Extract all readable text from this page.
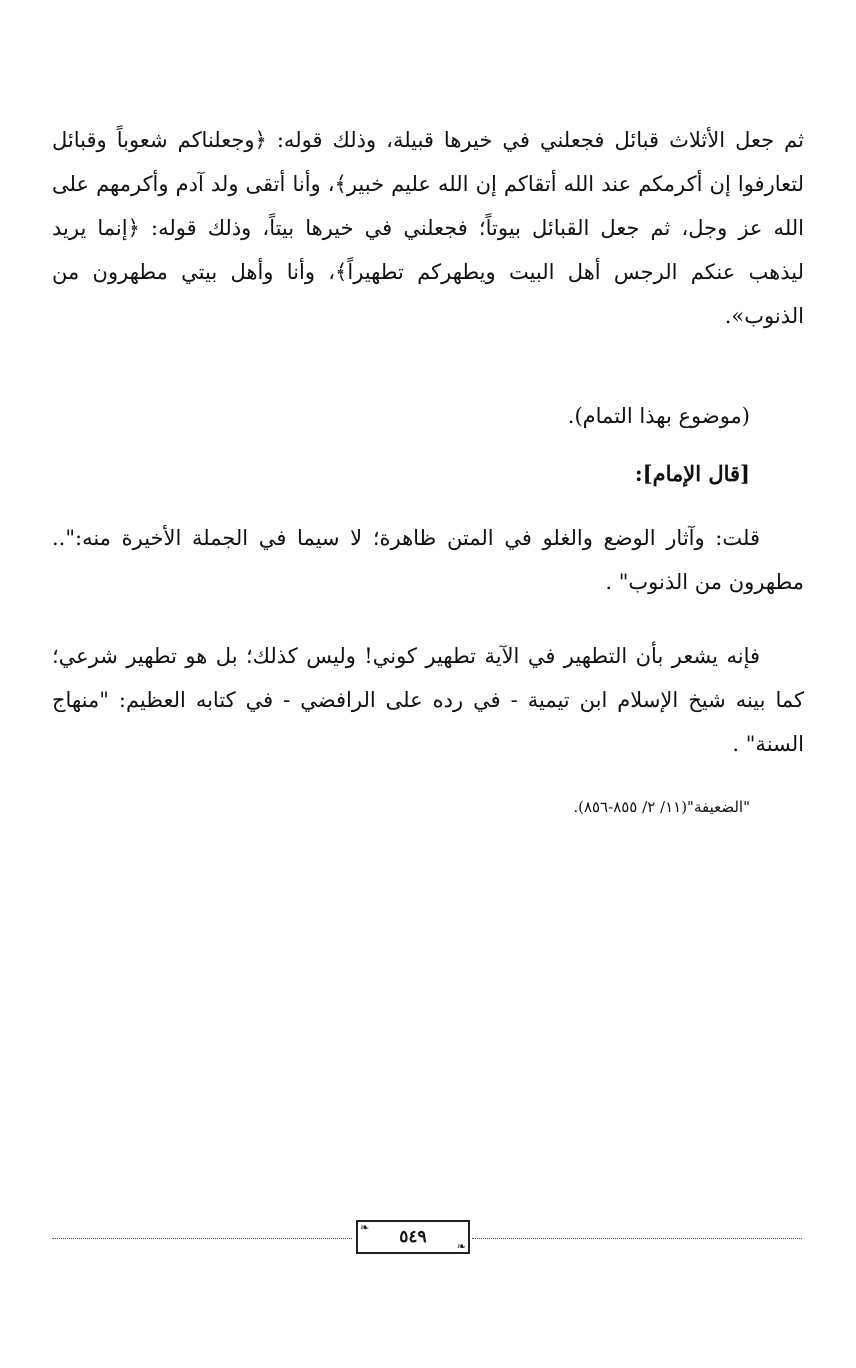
ثم جعل الأثلاث قبائل فجعلني في خيرها قبيلة، وذلك قوله: ﴿وجعلناكم شعوباً وقبائل لتعارفوا إن أكرمكم عند الله أتقاكم إن الله عليم خبير﴾، وأنا أتقى ولد آدم وأكرمهم على الله عز وجل، ثم جعل القبائل بيوتاً؛ فجعلني في خيرها بيتاً، وذلك قوله: ﴿إنما يريد ليذهب عنكم الرجس أهل البيت ويطهركم تطهيراً﴾، وأنا وأهل بيتي مطهرون من الذنوب».
(موضوع بهذا التمام).
[قال الإمام]:
قلت: وآثار الوضع والغلو في المتن ظاهرة؛ لا سيما في الجملة الأخيرة منه:".. مطهرون من الذنوب" .
فإنه يشعر بأن التطهير في الآية تطهير كوني! وليس كذلك؛ بل هو تطهير شرعي؛ كما بينه شيخ الإسلام ابن تيمية - في رده على الرافضي - في كتابه العظيم: "منهاج السنة" .
"الضعيفة"(١١/ ٢/ ٨٥٥-٨٥٦).
❧
❧
٥٤٩
